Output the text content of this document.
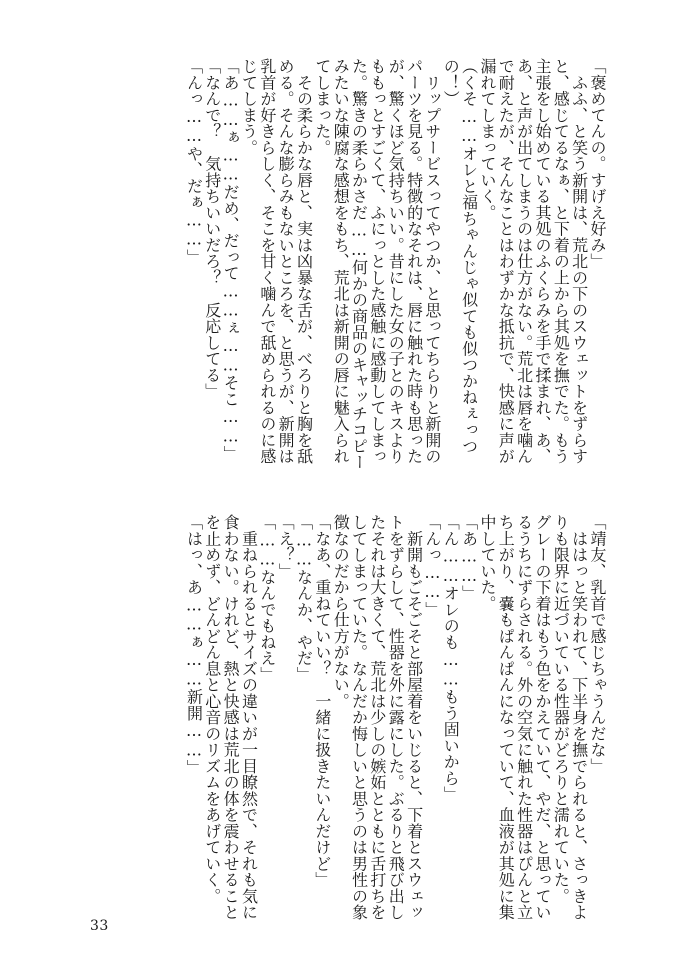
「褒めてんの。すげえ好み」
　ふふ、と笑う新開は、荒北の下のスウェットをずらす
と、感じてるなぁ、と下着の上から其処を撫でた。もう
主張をし始めている其処のふくらみを手で揉まれ、あ、
あ、と声が出てしまうのは仕方がない。荒北は唇を噛ん
で耐えたが、そんなことはわずかな抵抗で、快感に声が
漏れてしまっていく。
（くそ……オレと福ちゃんじゃ似ても似つかねぇっつ
の！）
　リップサービスってやつか、と思ってちらりと新開の
パーツを見る。特徴的なそれは、唇に触れた時も思った
が、驚くほど気持ちいい。昔にした女の子とのキスより
ももっとすごくて、ふにっとした感触に感動してしまっ
た。驚きの柔らかさだ……何かの商品のキャッチコピー
みたいな陳腐な感想をもち、荒北は新開の唇に魅入られ
てしまった。
　その柔らかな唇と、実は凶暴な舌が、べろりと胸を舐
める。そんな膨らみもないところを、と思うが、新開は
乳首が好きらしく、そこを甘く噛んで舐められるのに感
じてしまう。
「あ……ぁ……だめ、だって……ぇ……そこ……」
「なんで？　気持ちいいだろ？　反応してる」
「んっ……や、だぁ……」
「靖友、乳首で感じちゃうんだな」
　ははっと笑われて、下半身を撫でられると、さっきよ
りも限界に近づいている性器がどろりと濡れていた。
グレーの下着はもう色をかえていて、やだ、と思ってい
るうちにずらされる。外の空気に触れた性器はぴんと立
ち上がり、嚢もぱんぱんになっていて、血液が其処に集
中していた。
「あ……」
「ん……オレのも……もう固いから」
「んっ……」
　新開もごそごそと部屋着をいじると、下着とスウェッ
トをずらして、性器を外に露にした。ぶるりと飛び出し
たそれは大きくて、荒北は少しの嫉妬とともに舌打ちを
してしまっていた。なんだか悔しいと思うのは男性の象
徴なのだから仕方がない。
「なあ、重ねていい？　一緒に扱きたいんだけど」
「……なんか、やだ」
「え？」
「……なんでもねえ」
　重ねられるとサイズの違いが一目瞭然で、それも気に
食わない。けれど、熱と快感は荒北の体を震わせること
を止めず、どんどん息と心音のリズムをあげていく。
「はっ、あ……ぁ……新開……」
33
